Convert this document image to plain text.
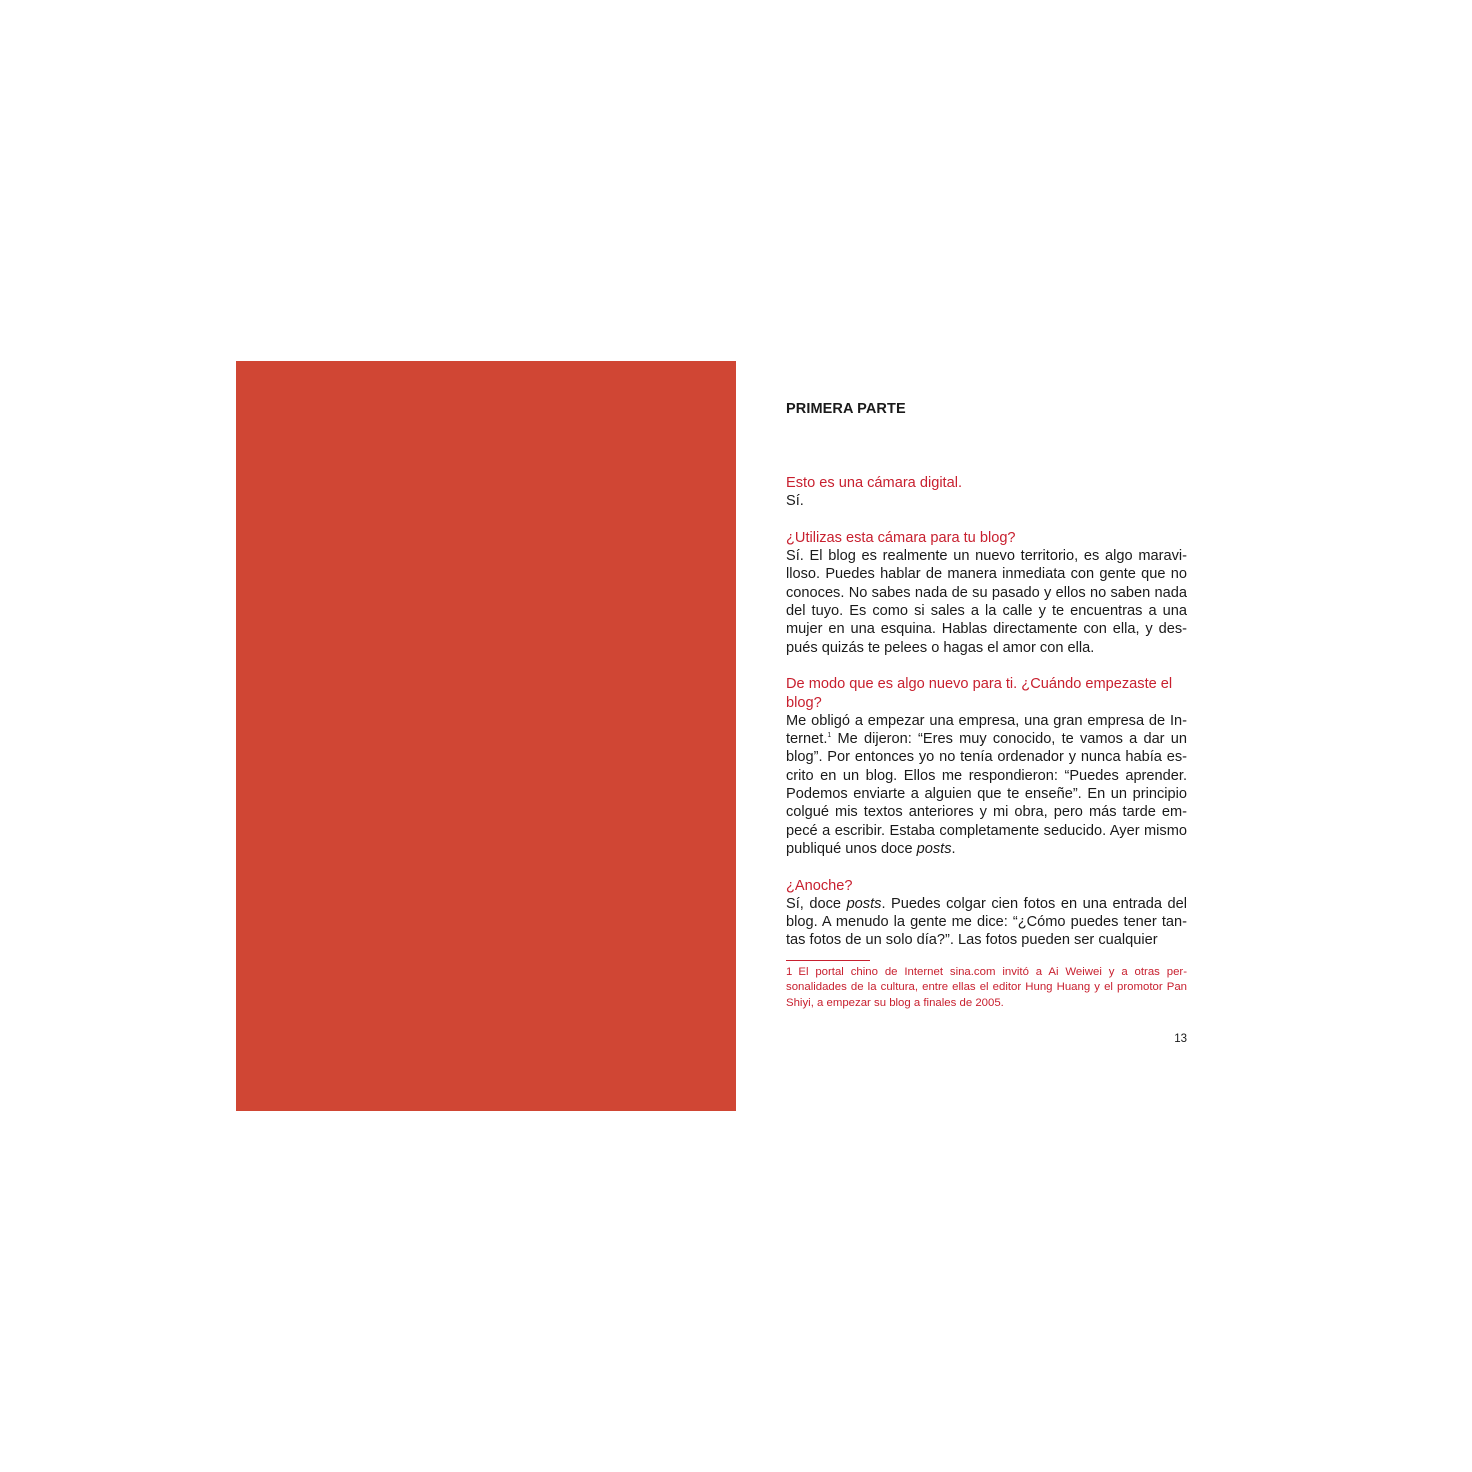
PRIMERA PARTE

Esto es una cámara digital.

Sí.

¿Utilizas esta cámara para tu blog?

Sí. El blog es realmente un nuevo territorio, es algo maravilloso. Puedes hablar de manera inmediata con gente que no conoces. No sabes nada de su pasado y ellos no saben nada del tuyo. Es como si sales a la calle y te encuentras a una mujer en una esquina. Hablas directamente con ella, y después quizás te pelees o hagas el amor con ella.

De modo que es algo nuevo para ti. ¿Cuándo empezaste el blog?

Me obligó a empezar una empresa, una gran empresa de Internet.$^1$ Me dijeron: “Eres muy conocido, te vamos a dar un blog”. Por entonces yo no tenía ordenador y nunca había escrito en un blog. Ellos me respondieron: “Puedes aprender. Podemos enviarte a alguien que te enseñe”. En un principio colgué mis textos anteriores y mi obra, pero más tarde empecé a escribir. Estaba completamente seducido. Ayer mismo publiqué unos doce posts.

¿Anoche?

Sí, doce posts. Puedes colgar cien fotos en una entrada del blog. A menudo la gente me dice: “¿Cómo puedes tener tantas fotos de un solo día?”. Las fotos pueden ser cualquier

1 El portal chino de Internet sina.com invitó a Ai Weiwei y a otras personalidades de la cultura, entre ellas el editor Hung Huang y el promotor Pan Shiyi, a empezar su blog a finales de 2005.
13
